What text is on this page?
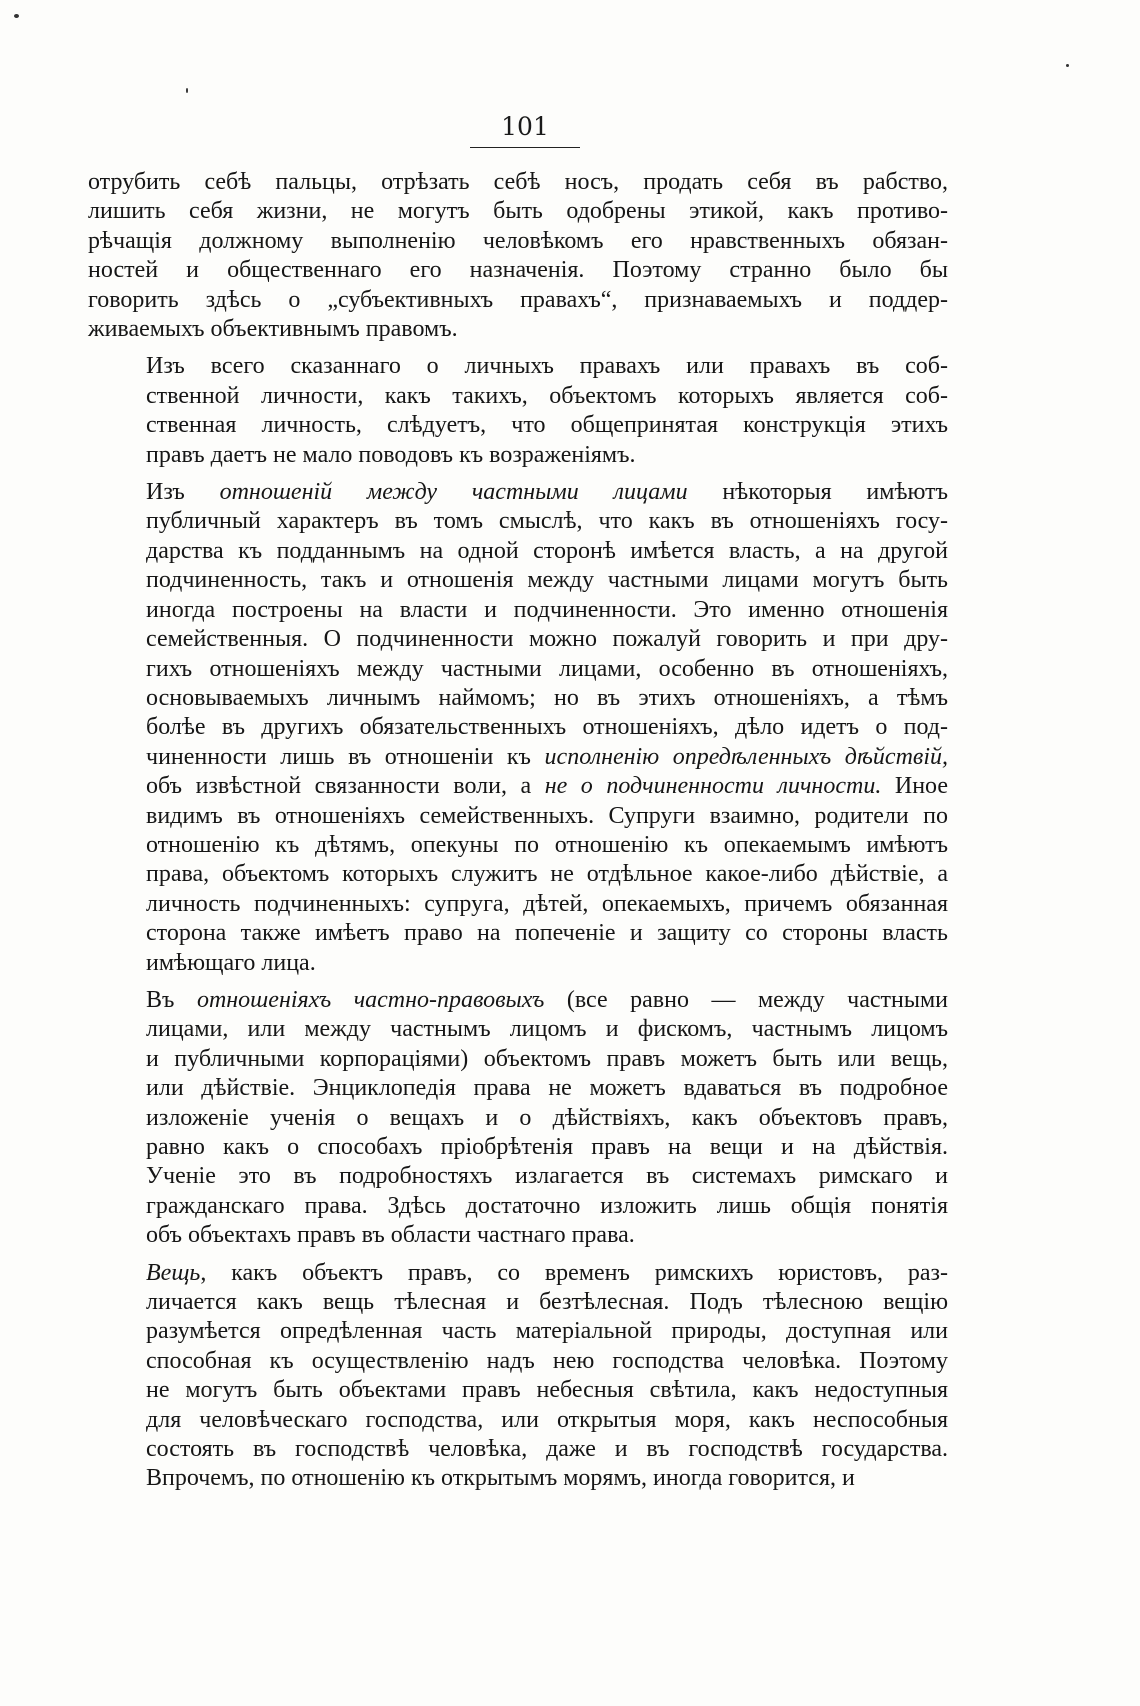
101

отрубить себѣ пальцы, отрѣзать себѣ носъ, продать себя въ рабство,
лишить себя жизни, не могутъ быть одобрены этикой, какъ противо-
рѣчащія должному выполненію человѣкомъ его нравственныхъ обязан-
ностей и общественнаго его назначенія. Поэтому странно было бы
говорить здѣсь о „субъективныхъ правахъ“, признаваемыхъ и поддер-
живаемыхъ объективнымъ правомъ.

Изъ всего сказаннаго о личныхъ правахъ или правахъ въ соб-
ственной личности, какъ такихъ, объектомъ которыхъ является соб-
ственная личность, слѣдуетъ, что общепринятая конструкція этихъ
правъ даетъ не мало поводовъ къ возраженіямъ.

Изъ отношеній между частными лицами нѣкоторыя имѣютъ
публичный характеръ въ томъ смыслѣ, что какъ въ отношеніяхъ госу-
дарства къ подданнымъ на одной сторонѣ имѣется власть, а на другой
подчиненность, такъ и отношенія между частными лицами могутъ быть
иногда построены на власти и подчиненности. Это именно отношенія
семейственныя. О подчиненности можно пожалуй говорить и при дру-
гихъ отношеніяхъ между частными лицами, особенно въ отношеніяхъ,
основываемыхъ личнымъ наймомъ; но въ этихъ отношеніяхъ, а тѣмъ
болѣе въ другихъ обязательственныхъ отношеніяхъ, дѣло идетъ о под-
чиненности лишь въ отношеніи къ исполненію опредѣленныхъ дѣйствій,
объ извѣстной связанности воли, а не о подчиненности личности. Иное
видимъ въ отношеніяхъ семейственныхъ. Супруги взаимно, родители по
отношенію къ дѣтямъ, опекуны по отношенію къ опекаемымъ имѣютъ
права, объектомъ которыхъ служитъ не отдѣльное какое-либо дѣйствіе, а
личность подчиненныхъ: супруга, дѣтей, опекаемыхъ, причемъ обязанная
сторона также имѣетъ право на попеченіе и защиту со стороны власть
имѣющаго лица.

Въ отношеніяхъ частно-правовыхъ (все равно — между частными
лицами, или между частнымъ лицомъ и фискомъ, частнымъ лицомъ
и публичными корпораціями) объектомъ правъ можетъ быть или вещь,
или дѣйствіе. Энциклопедія права не можетъ вдаваться въ подробное
изложеніе ученія о вещахъ и о дѣйствіяхъ, какъ объектовъ правъ,
равно какъ о способахъ пріобрѣтенія правъ на вещи и на дѣйствія.
Ученіе это въ подробностяхъ излагается въ системахъ римскаго и
гражданскаго права. Здѣсь достаточно изложить лишь общія понятія
объ объектахъ правъ въ области частнаго права.

Вещь, какъ объектъ правъ, со временъ римскихъ юристовъ, раз-
личается какъ вещь тѣлесная и безтѣлесная. Подъ тѣлесною вещію
разумѣется опредѣленная часть матеріальной природы, доступная или
способная къ осуществленію надъ нею господства человѣка. Поэтому
не могутъ быть объектами правъ небесныя свѣтила, какъ недоступныя
для человѣческаго господства, или открытыя моря, какъ неспособныя
состоять въ господствѣ человѣка, даже и въ господствѣ государства.
Впрочемъ, по отношенію къ открытымъ морямъ, иногда говорится, и
